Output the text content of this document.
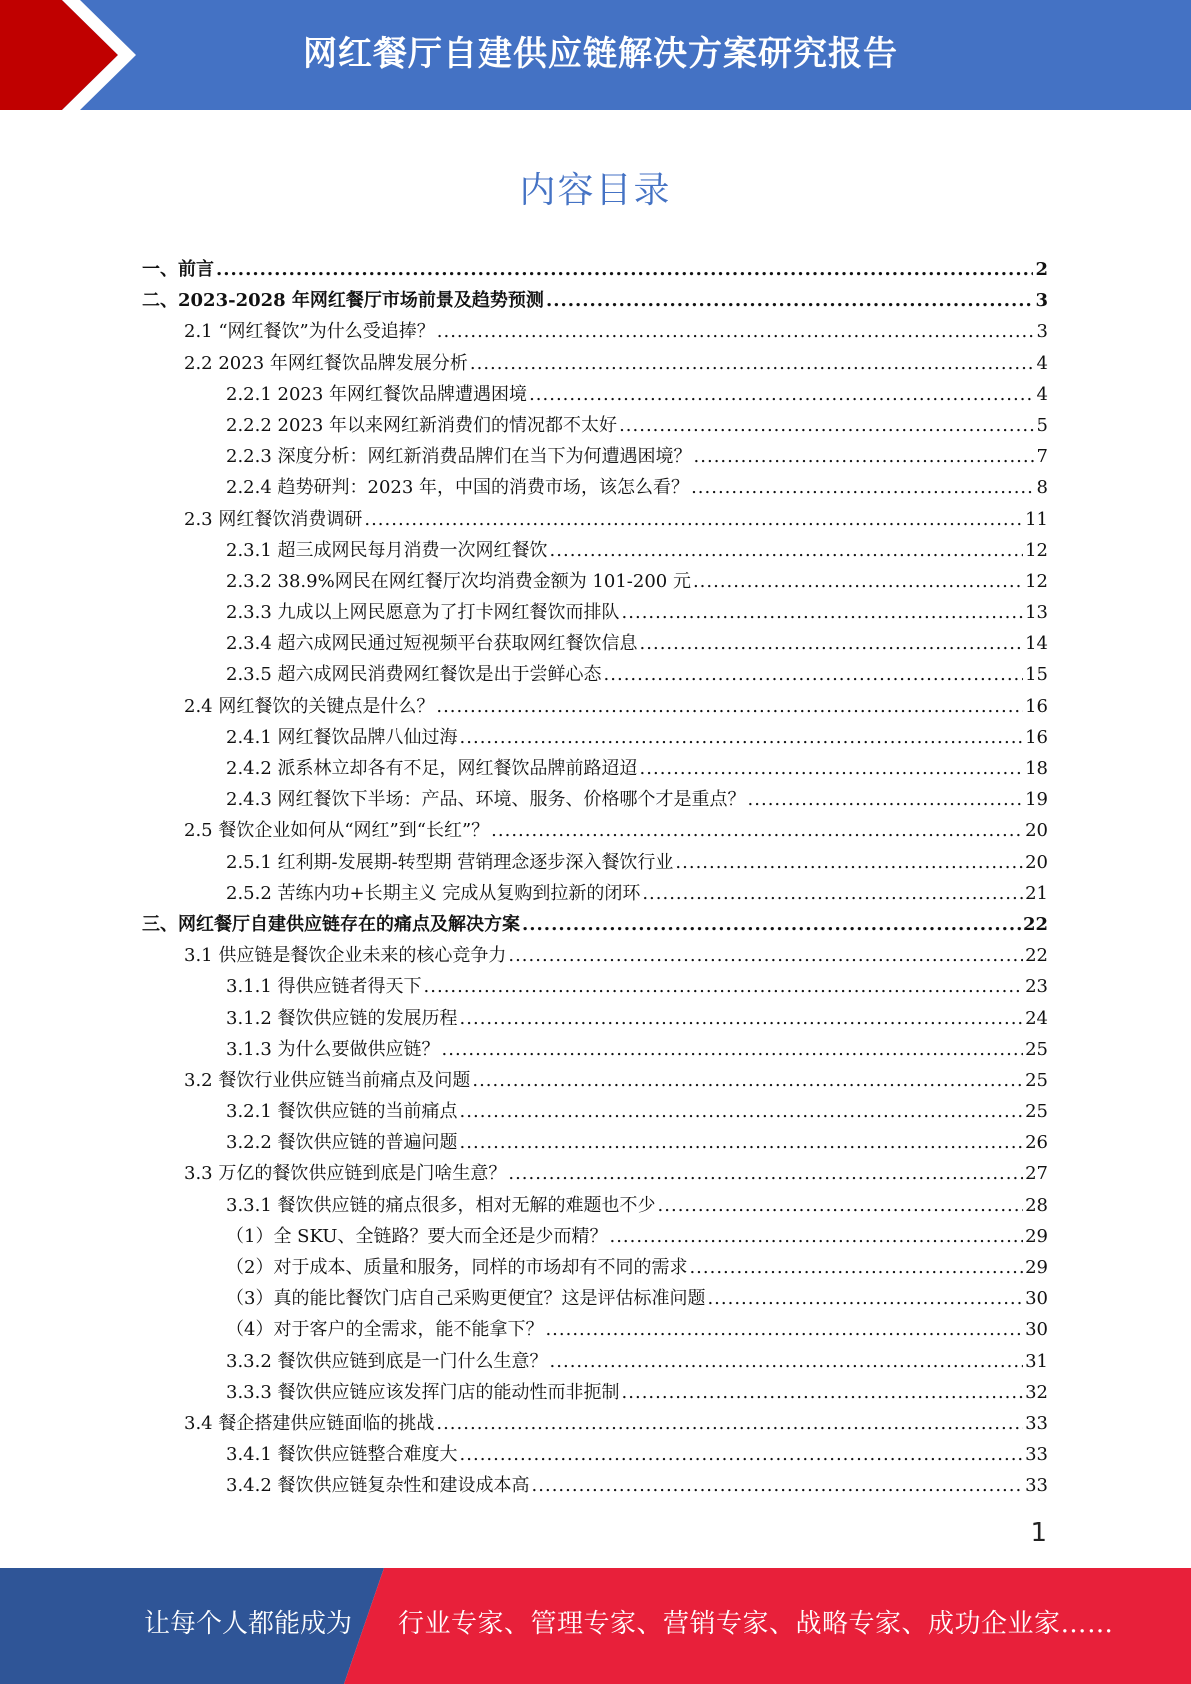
网红餐厅自建供应链解决方案研究报告
内容目录
一、前言 .....	2
二、2023-2028 年网红餐厅市场前景及趋势预测 .....	3
2.1 “网红餐饮”为什么受追捧？ .....	3
2.2 2023 年网红餐饮品牌发展分析 .....	4
2.2.1 2023 年网红餐饮品牌遭遇困境 .....	4
2.2.2 2023 年以来网红新消费们的情况都不太好 .....	5
2.2.3 深度分析：网红新消费品牌们在当下为何遭遇困境？ .....	7
2.2.4 趋势研判：2023 年，中国的消费市场，该怎么看？ .....	8
2.3 网红餐饮消费调研 .....	11
2.3.1 超三成网民每月消费一次网红餐饮 .....	12
2.3.2 38.9%网民在网红餐厅次均消费金额为 101-200 元 .....	12
2.3.3 九成以上网民愿意为了打卡网红餐饮而排队 .....	13
2.3.4 超六成网民通过短视频平台获取网红餐饮信息 .....	14
2.3.5 超六成网民消费网红餐饮是出于尝鲜心态 .....	15
2.4 网红餐饮的关键点是什么？ .....	16
2.4.1 网红餐饮品牌八仙过海 .....	16
2.4.2 派系林立却各有不足，网红餐饮品牌前路迢迢 .....	18
2.4.3 网红餐饮下半场：产品、环境、服务、价格哪个才是重点？ .....	19
2.5 餐饮企业如何从“网红”到“长红”？ .....	20
2.5.1 红利期-发展期-转型期 营销理念逐步深入餐饮行业 .....	20
2.5.2 苦练内功+长期主义 完成从复购到拉新的闭环 .....	21
三、网红餐厅自建供应链存在的痛点及解决方案 .....	22
3.1 供应链是餐饮企业未来的核心竞争力 .....	22
3.1.1 得供应链者得天下 .....	23
3.1.2 餐饮供应链的发展历程 .....	24
3.1.3 为什么要做供应链？ .....	25
3.2 餐饮行业供应链当前痛点及问题 .....	25
3.2.1 餐饮供应链的当前痛点 .....	25
3.2.2 餐饮供应链的普遍问题 .....	26
3.3 万亿的餐饮供应链到底是门啥生意？ .....	27
3.3.1 餐饮供应链的痛点很多，相对无解的难题也不少 .....	28
（1）全 SKU、全链路？要大而全还是少而精？ .....	29
（2）对于成本、质量和服务，同样的市场却有不同的需求 .....	29
（3）真的能比餐饮门店自己采购更便宜？这是评估标准问题 .....	30
（4）对于客户的全需求，能不能拿下？ .....	30
3.3.2 餐饮供应链到底是一门什么生意？ .....	31
3.3.3 餐饮供应链应该发挥门店的能动性而非扼制 .....	32
3.4 餐企搭建供应链面临的挑战 .....	33
3.4.1 餐饮供应链整合难度大 .....	33
3.4.2 餐饮供应链复杂性和建设成本高 .....	33
1
让每个人都能成为 行业专家、管理专家、营销专家、战略专家、成功企业家……
